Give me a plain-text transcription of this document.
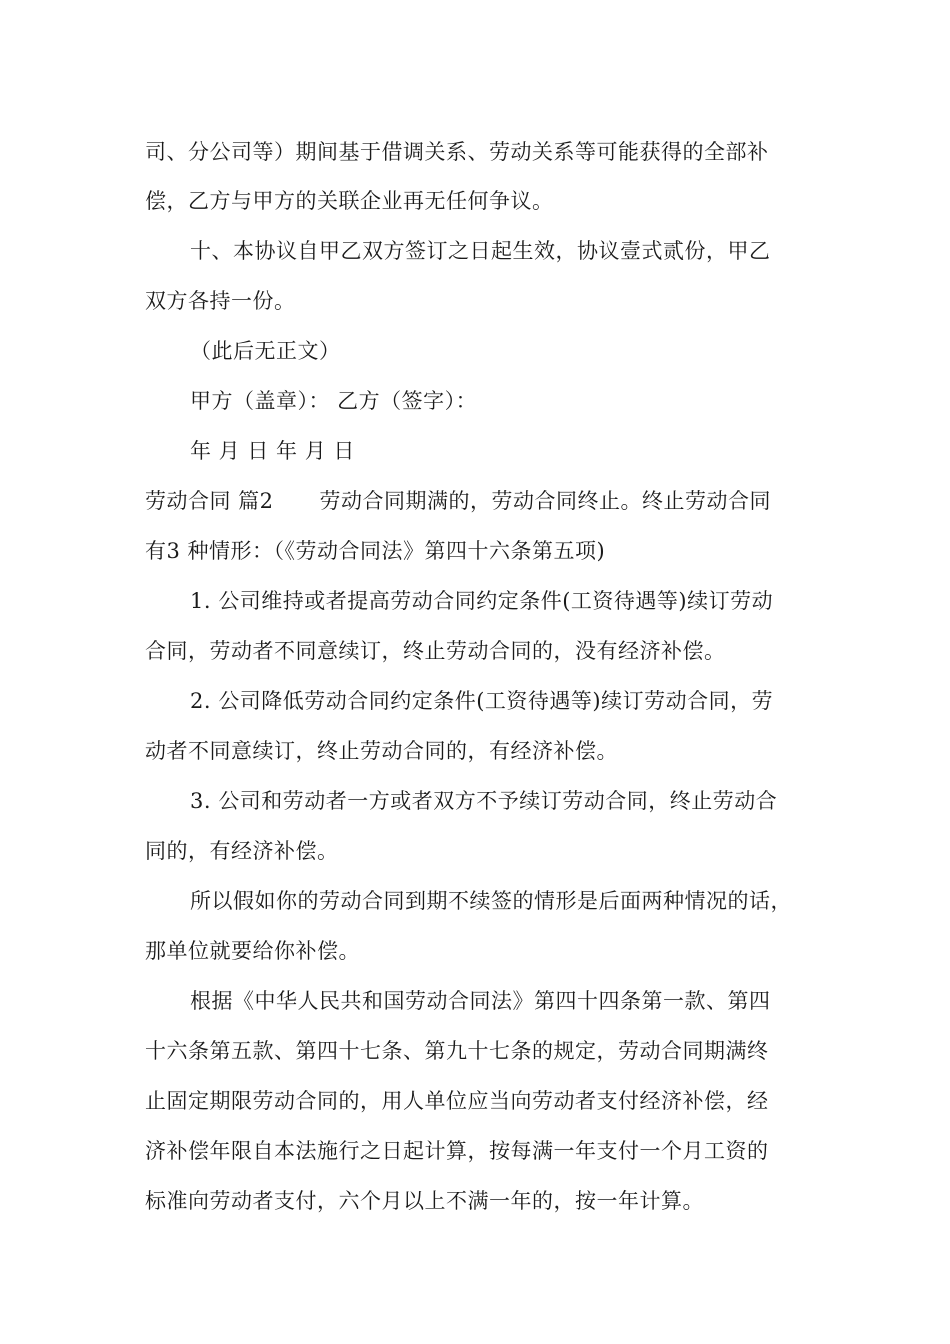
司、分公司等）期间基于借调关系、劳动关系等可能获得的全部补
偿，乙方与甲方的关联企业再无任何争议。
十、本协议自甲乙双方签订之日起生效，协议壹式贰份，甲乙
双方各持一份。
（此后无正文）
甲方（盖章）： 乙方（签字）：
年 月 日 年 月 日
劳动合同 篇2 劳动合同期满的，劳动合同终止。终止劳动合同
有3 种情形：（《劳动合同法》第四十六条第五项)
1. 公司维持或者提高劳动合同约定条件(工资待遇等)续订劳动
合同，劳动者不同意续订，终止劳动合同的，没有经济补偿。
2. 公司降低劳动合同约定条件(工资待遇等)续订劳动合同，劳
动者不同意续订，终止劳动合同的，有经济补偿。
3. 公司和劳动者一方或者双方不予续订劳动合同，终止劳动合
同的，有经济补偿。
所以假如你的劳动合同到期不续签的情形是后面两种情况的话，
那单位就要给你补偿。
根据《中华人民共和国劳动合同法》第四十四条第一款、第四
十六条第五款、第四十七条、第九十七条的规定，劳动合同期满终
止固定期限劳动合同的，用人单位应当向劳动者支付经济补偿，经
济补偿年限自本法施行之日起计算，按每满一年支付一个月工资的
标准向劳动者支付，六个月以上不满一年的，按一年计算。
